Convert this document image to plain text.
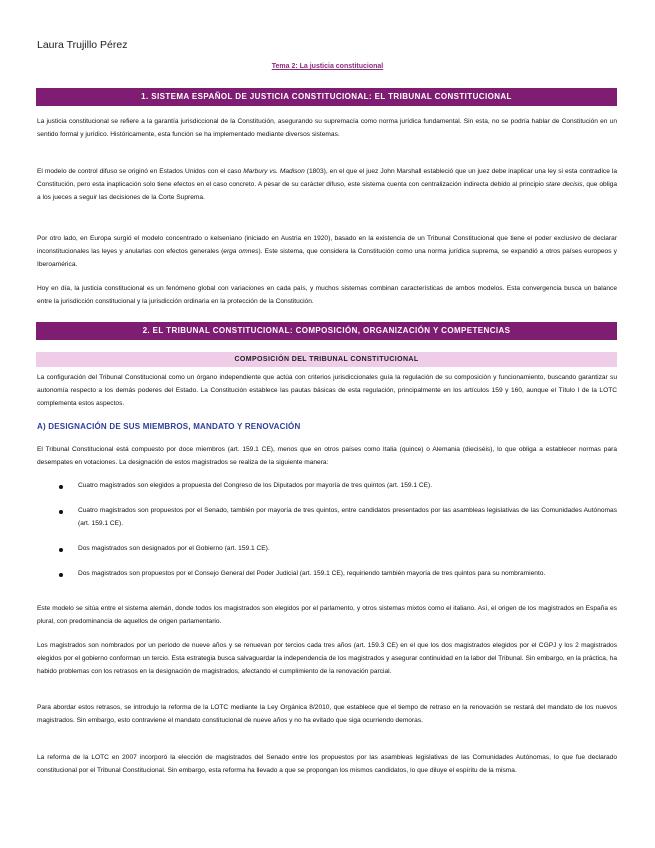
Laura Trujillo Pérez
Tema 2: La justicia constitucional
1. SISTEMA ESPAÑOL DE JUSTICIA CONSTITUCIONAL: EL TRIBUNAL CONSTITUCIONAL
La justicia constitucional se refiere a la garantía jurisdiccional de la Constitución, asegurando su supremacía como norma jurídica fundamental. Sin esta, no se podría hablar de Constitución en un sentido formal y jurídico. Históricamente, esta función se ha implementado mediante diversos sistemas.
El modelo de control difuso se originó en Estados Unidos con el caso Marbury vs. Madison (1803), en el que el juez John Marshall estableció que un juez debe inaplicar una ley si esta contradice la Constitución, pero esta inaplicación solo tiene efectos en el caso concreto. A pesar de su carácter difuso, este sistema cuenta con centralización indirecta debido al principio stare decisis, que obliga a los jueces a seguir las decisiones de la Corte Suprema.
Por otro lado, en Europa surgió el modelo concentrado o kelseniano (iniciado en Austria en 1920), basado en la existencia de un Tribunal Constitucional que tiene el poder exclusivo de declarar inconstitucionales las leyes y anularlas con efectos generales (erga omnes). Este sistema, que considera la Constitución como una norma jurídica suprema, se expandió a otros países europeos y Iberoamérica.
Hoy en día, la justicia constitucional es un fenómeno global con variaciones en cada país, y muchos sistemas combinan características de ambos modelos. Esta convergencia busca un balance entre la jurisdicción constitucional y la jurisdicción ordinaria en la protección de la Constitución.
2. EL TRIBUNAL CONSTITUCIONAL: COMPOSICIÓN, ORGANIZACIÓN Y COMPETENCIAS
COMPOSICIÓN DEL TRIBUNAL CONSTITUCIONAL
La configuración del Tribunal Constitucional como un órgano independiente que actúa con criterios jurisdiccionales guía la regulación de su composición y funcionamiento, buscando garantizar su autonomía respecto a los demás poderes del Estado. La Constitución establece las pautas básicas de esta regulación, principalmente en los artículos 159 y 160, aunque el Título I de la LOTC complementa estos aspectos.
A) DESIGNACIÓN DE SUS MIEMBROS, MANDATO Y RENOVACIÓN
El Tribunal Constitucional está compuesto por doce miembros (art. 159.1 CE), menos que en otros países como Italia (quince) o Alemania (dieciséis), lo que obliga a establecer normas para desempates en votaciones. La designación de estos magistrados se realiza de la siguiente manera:
Cuatro magistrados son elegidos a propuesta del Congreso de los Diputados por mayoría de tres quintos (art. 159.1 CE).
Cuatro magistrados son propuestos por el Senado, también por mayoría de tres quintos, entre candidatos presentados por las asambleas legislativas de las Comunidades Autónomas (art. 159.1 CE).
Dos magistrados son designados por el Gobierno (art. 159.1 CE).
Dos magistrados son propuestos por el Consejo General del Poder Judicial (art. 159.1 CE), requiriendo también mayoría de tres quintos para su nombramiento.
Este modelo se sitúa entre el sistema alemán, donde todos los magistrados son elegidos por el parlamento, y otros sistemas mixtos como el italiano. Así, el origen de los magistrados en España es plural, con predominancia de aquellos de origen parlamentario.
Los magistrados son nombrados por un periodo de nueve años y se renuevan por tercios cada tres años (art. 159.3 CE) en el que los dos magistrados elegidos por el CGPJ y los 2 magistrados elegidos por el gobierno conforman un tercio. Esta estrategia busca salvaguardar la independencia de los magistrados y asegurar continuidad en la labor del Tribunal. Sin embargo, en la práctica, ha habido problemas con los retrasos en la designación de magistrados, afectando el cumplimiento de la renovación parcial.
Para abordar estos retrasos, se introdujo la reforma de la LOTC mediante la Ley Orgánica 8/2010, que establece que el tiempo de retraso en la renovación se restará del mandato de los nuevos magistrados. Sin embargo, esto contraviene el mandato constitucional de nueve años y no ha evitado que siga ocurriendo demoras.
La reforma de la LOTC en 2007 incorporó la elección de magistrados del Senado entre los propuestos por las asambleas legislativas de las Comunidades Autónomas, lo que fue declarado constitucional por el Tribunal Constitucional. Sin embargo, esta reforma ha llevado a que se propongan los mismos candidatos, lo que diluye el espíritu de la misma.
